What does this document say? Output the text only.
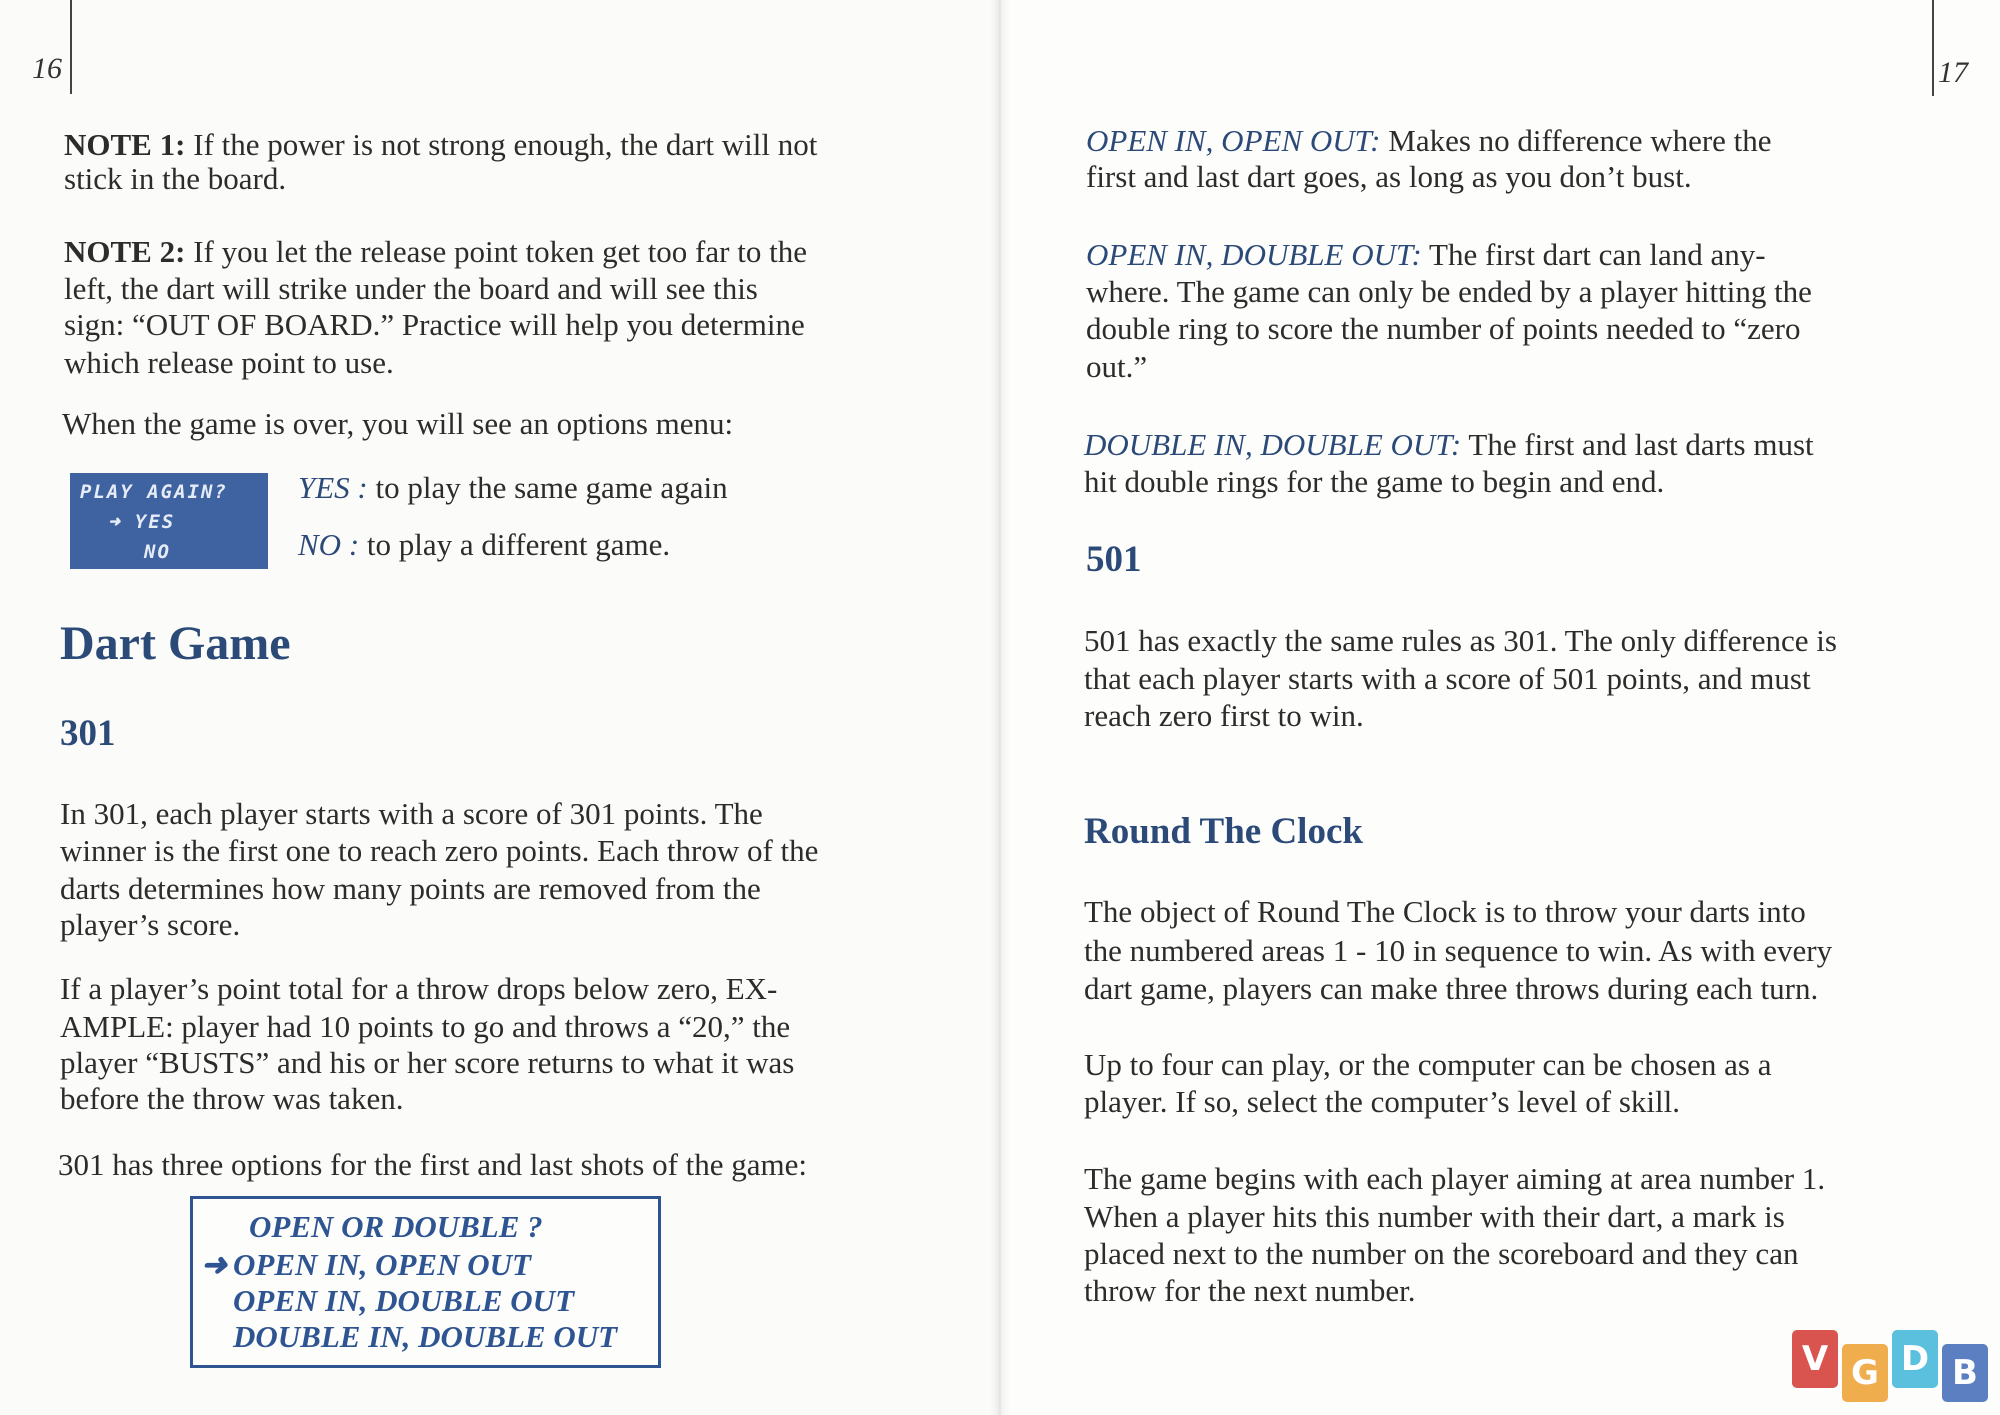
16

NOTE 1: If the power is not strong enough, the dart will not

stick in the board.

NOTE 2: If you let the release point token get too far to the

left, the dart will strike under the board and will see this

sign: “OUT OF BOARD.” Practice will help you determine

which release point to use.

When the game is over, you will see an options menu:

PLAY AGAIN?
➜ YES
NO
YES : to play the same game again
NO : to play a different game.
Dart Game
301

In 301, each player starts with a score of 301 points. The

winner is the first one to reach zero points. Each throw of the

darts determines how many points are removed from the

player’s score.

If a player’s point total for a throw drops below zero, EX-

AMPLE: player had 10 points to go and throws a “20,” the

player “BUSTS” and his or her score returns to what it was

before the throw was taken.

301 has three options for the first and last shots of the game:

OPEN OR DOUBLE ?
➜ OPEN IN, OPEN OUT
OPEN IN, DOUBLE OUT
DOUBLE IN, DOUBLE OUT
17

OPEN IN, OPEN OUT: Makes no difference where the

first and last dart goes, as long as you don’t bust.

OPEN IN, DOUBLE OUT: The first dart can land any-

where. The game can only be ended by a player hitting the

double ring to score the number of points needed to “zero

out.”

DOUBLE IN, DOUBLE OUT: The first and last darts must

hit double rings for the game to begin and end.

501

501 has exactly the same rules as 301. The only difference is

that each player starts with a score of 501 points, and must

reach zero first to win.

Round The Clock

The object of Round The Clock is to throw your darts into

the numbered areas 1 - 10 in sequence to win. As with every

dart game, players can make three throws during each turn.

Up to four can play, or the computer can be chosen as a

player. If so, select the computer’s level of skill.

The game begins with each player aiming at area number 1.

When a player hits this number with their dart, a mark is

placed next to the number on the scoreboard and they can

throw for the next number.

V G D B
